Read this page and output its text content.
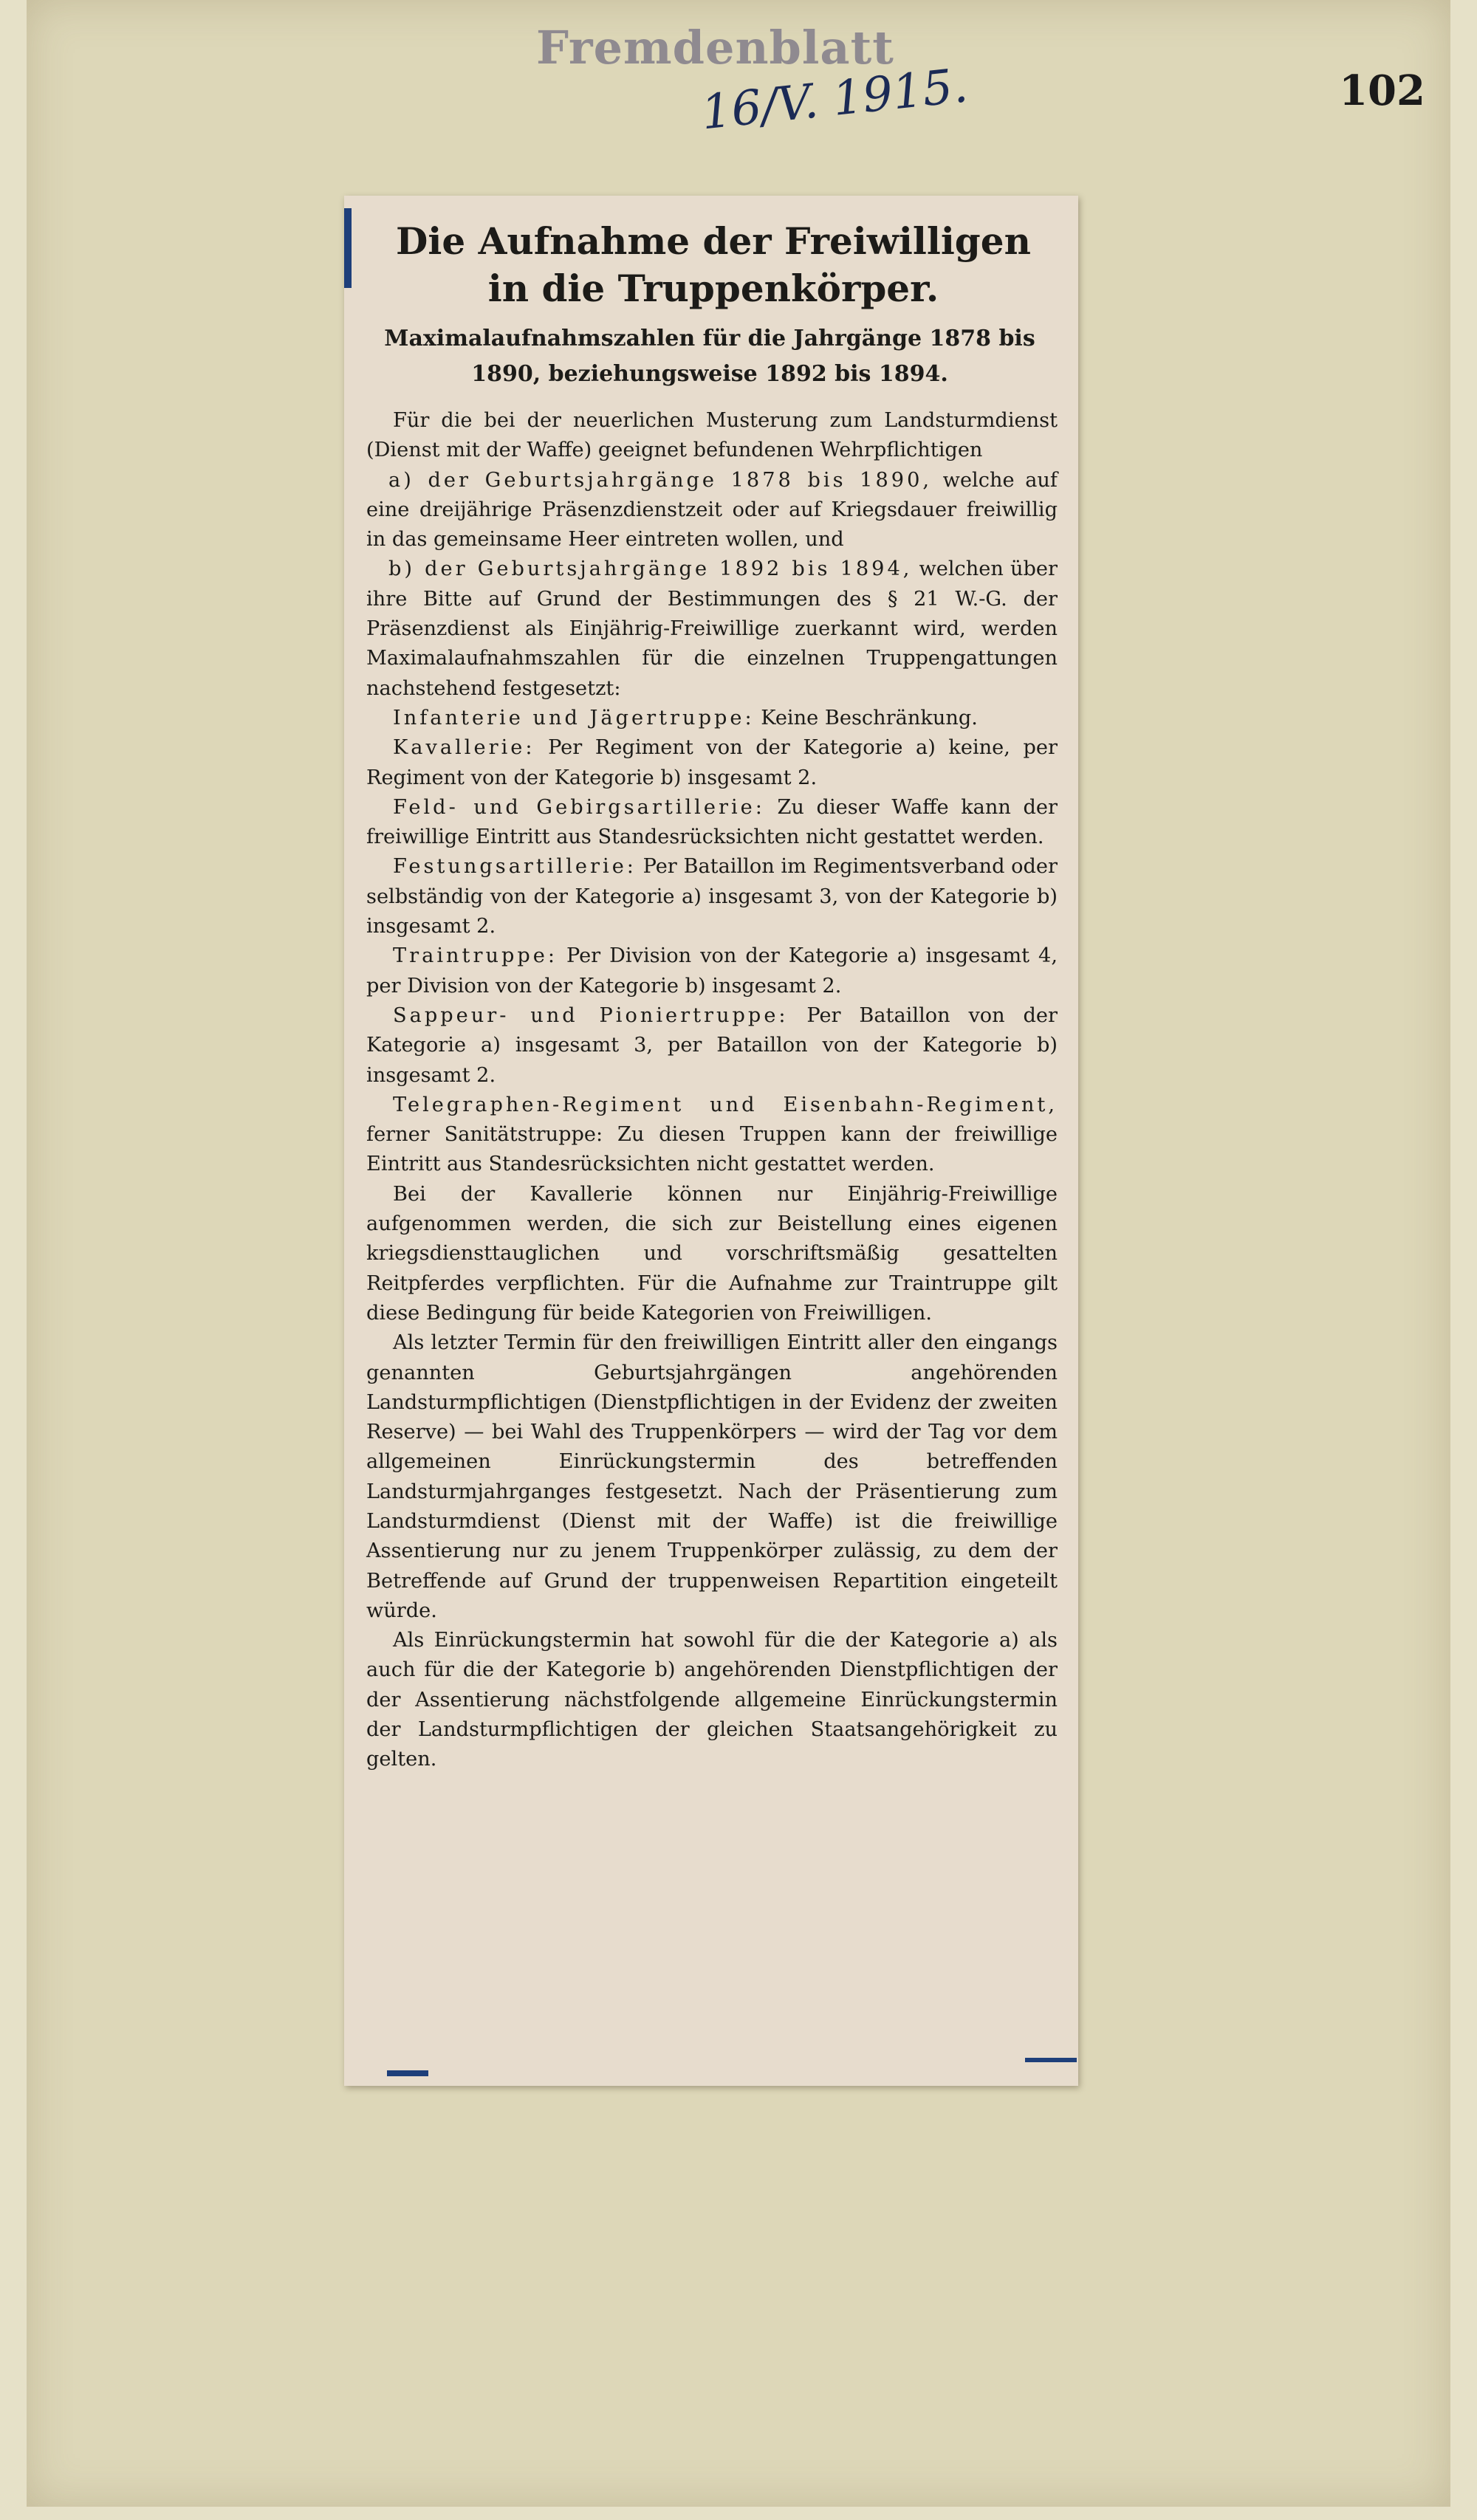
Fremdenblatt
16/V. 1915.	102
Die Aufnahme der Freiwilligen in die Truppenkörper.
Maximalaufnahmszahlen für die Jahrgänge 1878 bis 1890, beziehungsweise 1892 bis 1894.

Für die bei der neuerlichen Musterung zum Landsturmdienst (Dienst mit der Waffe) geeignet befundenen Wehrpflichtigen

a) der Geburtsjahrgänge 1878 bis 1890, welche auf eine dreijährige Präsenzdienstzeit oder auf Kriegsdauer freiwillig in das gemeinsame Heer eintreten wollen, und

b) der Geburtsjahrgänge 1892 bis 1894, welchen über ihre Bitte auf Grund der Bestimmungen des § 21 W.-G. der Präsenzdienst als Einjährig-Freiwillige zuerkannt wird, werden Maximalaufnahmszahlen für die einzelnen Truppengattungen nachstehend festgesetzt:

Infanterie und Jägertruppe: Keine Beschränkung.

Kavallerie: Per Regiment von der Kategorie a) keine, per Regiment von der Kategorie b) insgesamt 2.

Feld- und Gebirgsartillerie: Zu dieser Waffe kann der freiwillige Eintritt aus Standesrücksichten nicht gestattet werden.

Festungsartillerie: Per Bataillon im Regimentsverband oder selbständig von der Kategorie a) insgesamt 3, von der Kategorie b) insgesamt 2.

Traintruppe: Per Division von der Kategorie a) insgesamt 4, per Division von der Kategorie b) insgesamt 2.

Sappeur- und Pioniertruppe: Per Bataillon von der Kategorie a) insgesamt 3, per Bataillon von der Kategorie b) insgesamt 2.

Telegraphen-Regiment und Eisenbahn-Regiment, ferner Sanitätstruppe: Zu diesen Truppen kann der freiwillige Eintritt aus Standesrücksichten nicht gestattet werden.

Bei der Kavallerie können nur Einjährig-Freiwillige aufgenommen werden, die sich zur Beistellung eines eigenen kriegsdiensttauglichen und vorschriftsmäßig gesattelten Reitpferdes verpflichten. Für die Aufnahme zur Traintruppe gilt diese Bedingung für beide Kategorien von Freiwilligen.

Als letzter Termin für den freiwilligen Eintritt aller den eingangs genannten Geburtsjahrgängen angehörenden Landsturmpflichtigen (Dienstpflichtigen in der Evidenz der zweiten Reserve) — bei Wahl des Truppenkörpers — wird der Tag vor dem allgemeinen Einrückungstermin des betreffenden Landsturmjahrganges festgesetzt. Nach der Präsentierung zum Landsturmdienst (Dienst mit der Waffe) ist die freiwillige Assentierung nur zu jenem Truppenkörper zulässig, zu dem der Betreffende auf Grund der truppenweisen Repartition eingeteilt würde.

Als Einrückungstermin hat sowohl für die der Kategorie a) als auch für die der Kategorie b) angehörenden Dienstpflichtigen der der Assentierung nächstfolgende allgemeine Einrückungstermin der Landsturmpflichtigen der gleichen Staatsangehörigkeit zu gelten.
